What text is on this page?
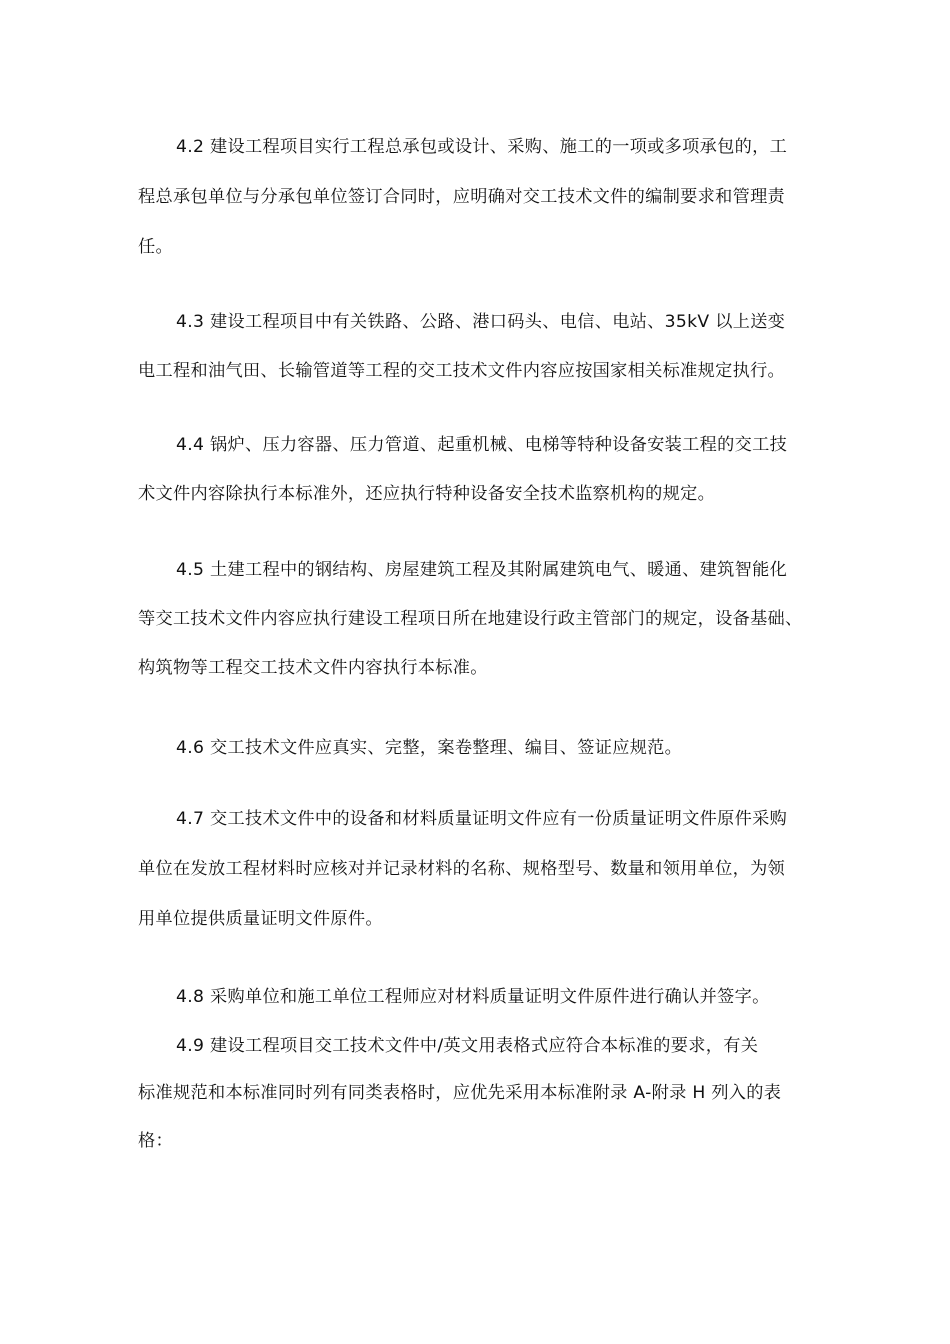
4.2 建设工程项目实行工程总承包或设计、采购、施工的一项或多项承包的，工
程总承包单位与分承包单位签订合同时，应明确对交工技术文件的编制要求和管理责
任。
4.3 建设工程项目中有关铁路、公路、港口码头、电信、电站、35kV 以上送变
电工程和油气田、长输管道等工程的交工技术文件内容应按国家相关标准规定执行。
4.4 锅炉、压力容器、压力管道、起重机械、电梯等特种设备安装工程的交工技
术文件内容除执行本标准外，还应执行特种设备安全技术监察机构的规定。
4.5 土建工程中的钢结构、房屋建筑工程及其附属建筑电气、暖通、建筑智能化
等交工技术文件内容应执行建设工程项日所在地建设行政主管部门的规定，设备基础、
构筑物等工程交工技术文件内容执行本标准。
4.6 交工技术文件应真实、完整，案卷整理、编目、签证应规范。
4.7 交工技术文件中的设备和材料质量证明文件应有一份质量证明文件原件采购
单位在发放工程材料时应核对并记录材料的名称、规格型号、数量和领用单位，为领
用单位提供质量证明文件原件。
4.8 采购单位和施工单位工程师应对材料质量证明文件原件进行确认并签字。
4.9 建设工程项目交工技术文件中/英文用表格式应符合本标准的要求，有关
标准规范和本标准同时列有同类表格时，应优先采用本标准附录 A-附录 H 列入的表
格：
